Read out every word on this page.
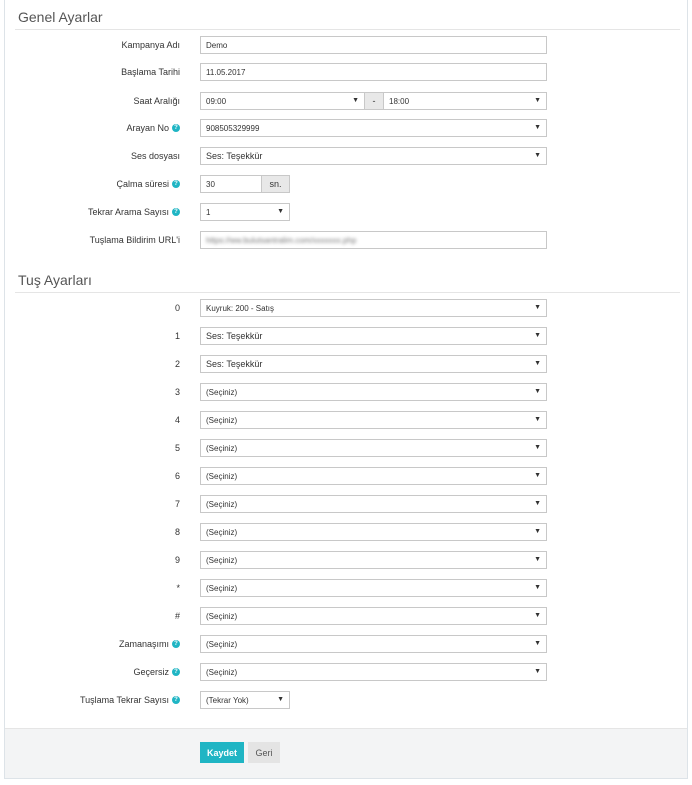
Genel Ayarlar
Kampanya Adı	Demo
Başlama Tarihi	11.05.2017
Saat Aralığı	09:00	▼ - 18:00	▼
Arayan No ?	908505329999	▼
Ses dosyası	Ses: Teşekkür	▼
Çalma süresi ?	30	sn.
Tekrar Arama Sayısı ?	1	▼
Tuşlama Bildirim URL'i	https://ww.bulutsantralim.com/xxxxxxx.php
Tuş Ayarları
0	Kuyruk: 200 - Satış	▼
1	Ses: Teşekkür	▼
2	Ses: Teşekkür	▼
3	(Seçiniz)	▼
4	(Seçiniz)	▼
5	(Seçiniz)	▼
6	(Seçiniz)	▼
7	(Seçiniz)	▼
8	(Seçiniz)	▼
9	(Seçiniz)	▼
*	(Seçiniz)	▼
#	(Seçiniz)	▼
Zamanaşımı ?	(Seçiniz)	▼
Geçersiz ?	(Seçiniz)	▼
Tuşlama Tekrar Sayısı ?	(Tekrar Yok)	▼
Kaydet	Geri
